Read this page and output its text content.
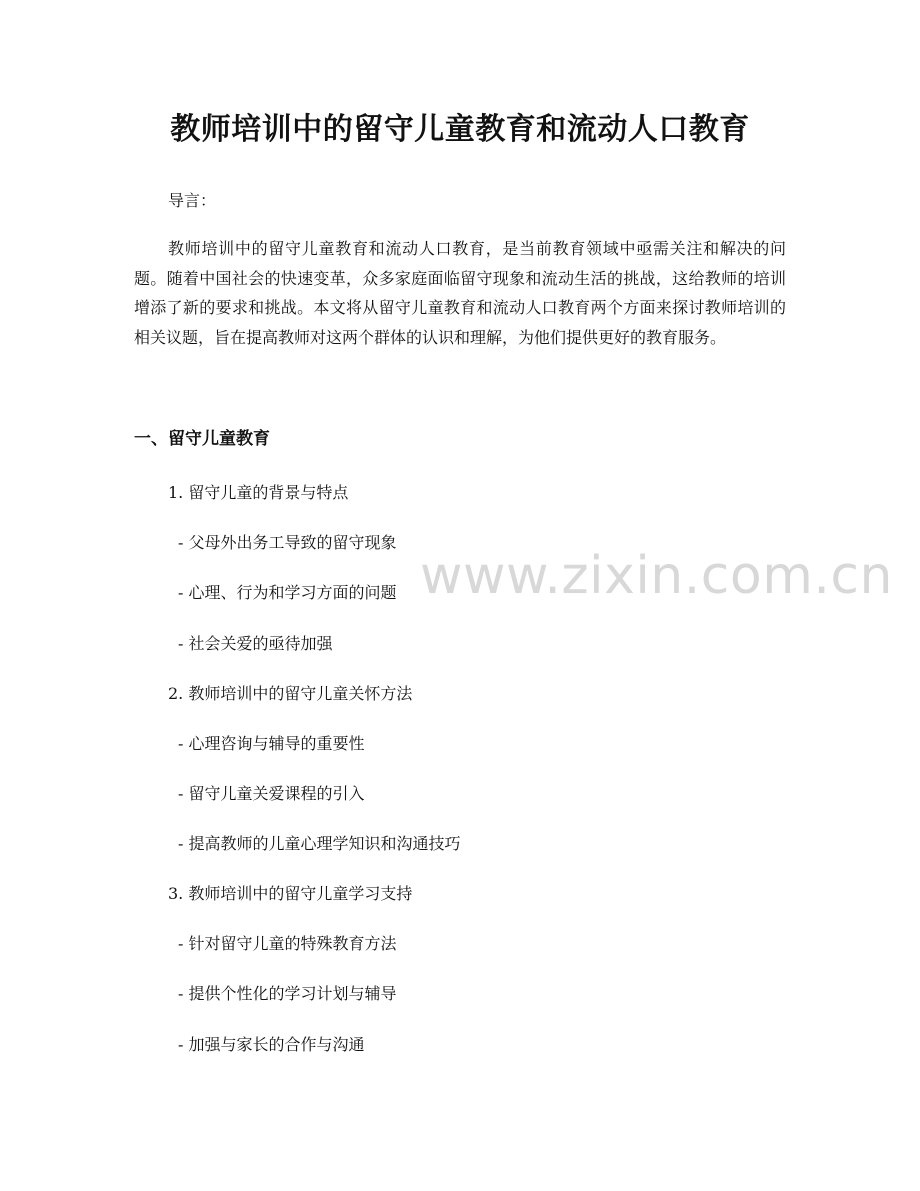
教师培训中的留守儿童教育和流动人口教育
导言：
教师培训中的留守儿童教育和流动人口教育，是当前教育领域中亟需关注和解决的问题。随着中国社会的快速变革，众多家庭面临留守现象和流动生活的挑战，这给教师的培训增添了新的要求和挑战。本文将从留守儿童教育和流动人口教育两个方面来探讨教师培训的相关议题，旨在提高教师对这两个群体的认识和理解，为他们提供更好的教育服务。
一、留守儿童教育
1. 留守儿童的背景与特点
- 父母外出务工导致的留守现象
- 心理、行为和学习方面的问题
- 社会关爱的亟待加强
2. 教师培训中的留守儿童关怀方法
- 心理咨询与辅导的重要性
- 留守儿童关爱课程的引入
- 提高教师的儿童心理学知识和沟通技巧
3. 教师培训中的留守儿童学习支持
- 针对留守儿童的特殊教育方法
- 提供个性化的学习计划与辅导
- 加强与家长的合作与沟通
www.zixin.com.cn
